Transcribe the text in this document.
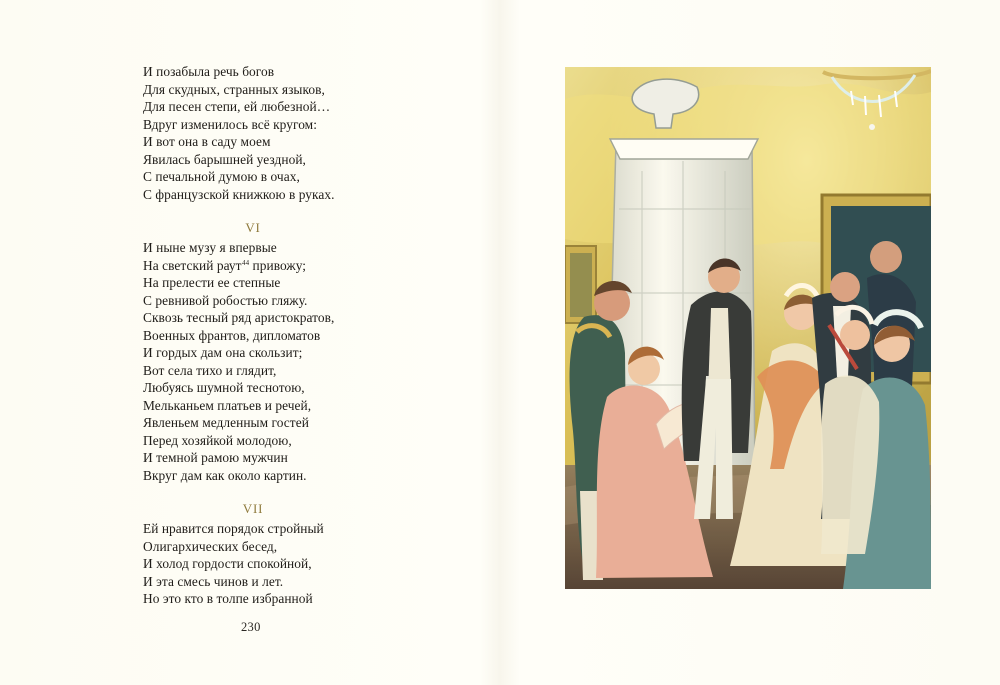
И позабыла речь богов
Для скудных, странных языков,
Для песен степи, ей любезной…
Вдруг изменилось всё кругом:
И вот она в саду моем
Явилась барышней уездной,
С печальной думою в очах,
С французской книжкою в руках.
VI
И ныне музу я впервые
На светский раут$^{44}$ привожу;
На прелести ее степные
С ревнивой робостью гляжу.
Сквозь тесный ряд аристократов,
Военных франтов, дипломатов
И гордых дам она скользит;
Вот села тихо и глядит,
Любуясь шумной теснотою,
Мельканьем платьев и речей,
Явленьем медленным гостей
Перед хозяйкой молодою,
И темной рамою мужчин
Вкруг дам как около картин.
VII
Ей нравится порядок стройный
Олигархических бесед,
И холод гордости спокойной,
И эта смесь чинов и лет.
Но это кто в толпе избранной
230
